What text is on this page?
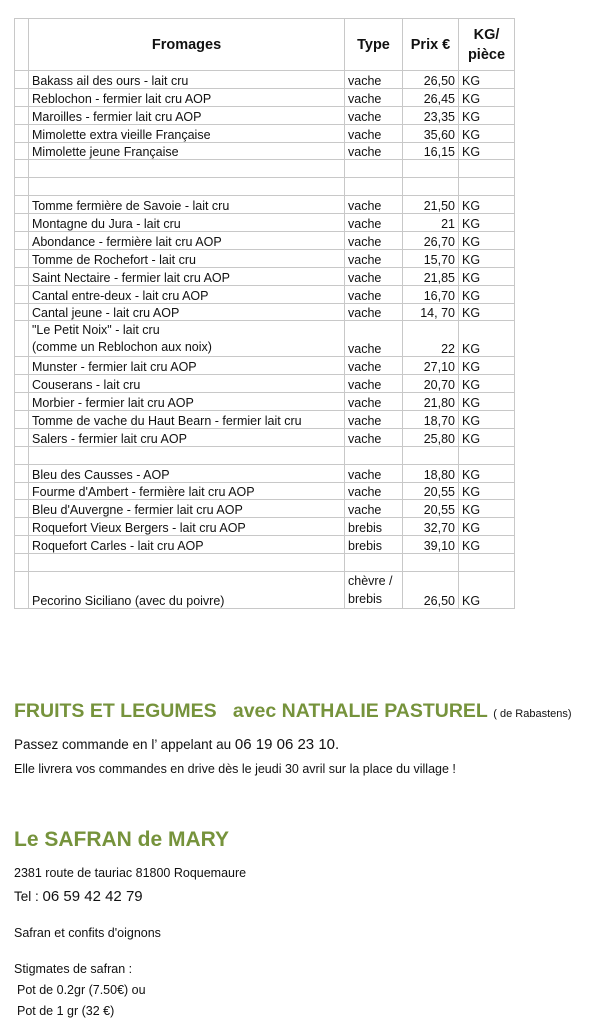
	Fromages	Type	Prix €	KG/
pièce
	Bakass ail des ours - lait cru	vache	26,50	KG
	Reblochon - fermier lait cru AOP	vache	26,45	KG
	Maroilles - fermier lait cru AOP	vache	23,35	KG
	Mimolette extra vieille Française	vache	35,60	KG
	Mimolette jeune Française	vache	16,15	KG

	Tomme fermière de Savoie - lait cru	vache	21,50	KG
	Montagne du Jura - lait cru	vache	21	KG
	Abondance - fermière lait cru AOP	vache	26,70	KG
	Tomme de Rochefort - lait cru	vache	15,70	KG
	Saint Nectaire - fermier lait cru AOP	vache	21,85	KG
	Cantal entre-deux - lait cru AOP	vache	16,70	KG
	Cantal jeune - lait cru AOP	vache	14, 70	KG
	"Le Petit Noix" - lait cru
(comme un Reblochon aux noix)	vache	22	KG
	Munster - fermier lait cru AOP	vache	27,10	KG
	Couserans - lait cru	vache	20,70	KG
	Morbier - fermier lait cru AOP	vache	21,80	KG
	Tomme de vache du Haut Bearn - fermier lait cru	vache	18,70	KG
	Salers - fermier lait cru AOP	vache	25,80	KG

	Bleu des Causses - AOP	vache	18,80	KG
	Fourme d'Ambert - fermière lait cru AOP	vache	20,55	KG
	Bleu d'Auvergne - fermier lait cru AOP	vache	20,55	KG
	Roquefort Vieux Bergers - lait cru AOP	brebis	32,70	KG
	Roquefort Carles - lait cru AOP	brebis	39,10	KG

	Pecorino Siciliano (avec du poivre)	chèvre /
brebis	26,50	KG
FRUITS ET LEGUMES avec NATHALIE PASTUREL ( de Rabastens)
Passez commande en l’ appelant au 06 19 06 23 10.
Elle livrera vos commandes en drive dès le jeudi 30 avril sur la place du village !
Le SAFRAN de MARY
2381 route de tauriac 81800 Roquemaure
Tel : 06 59 42 42 79
Safran et confits d'oignons
Stigmates de safran :
Pot de 0.2gr (7.50€) ou
Pot de 1 gr (32 €)
